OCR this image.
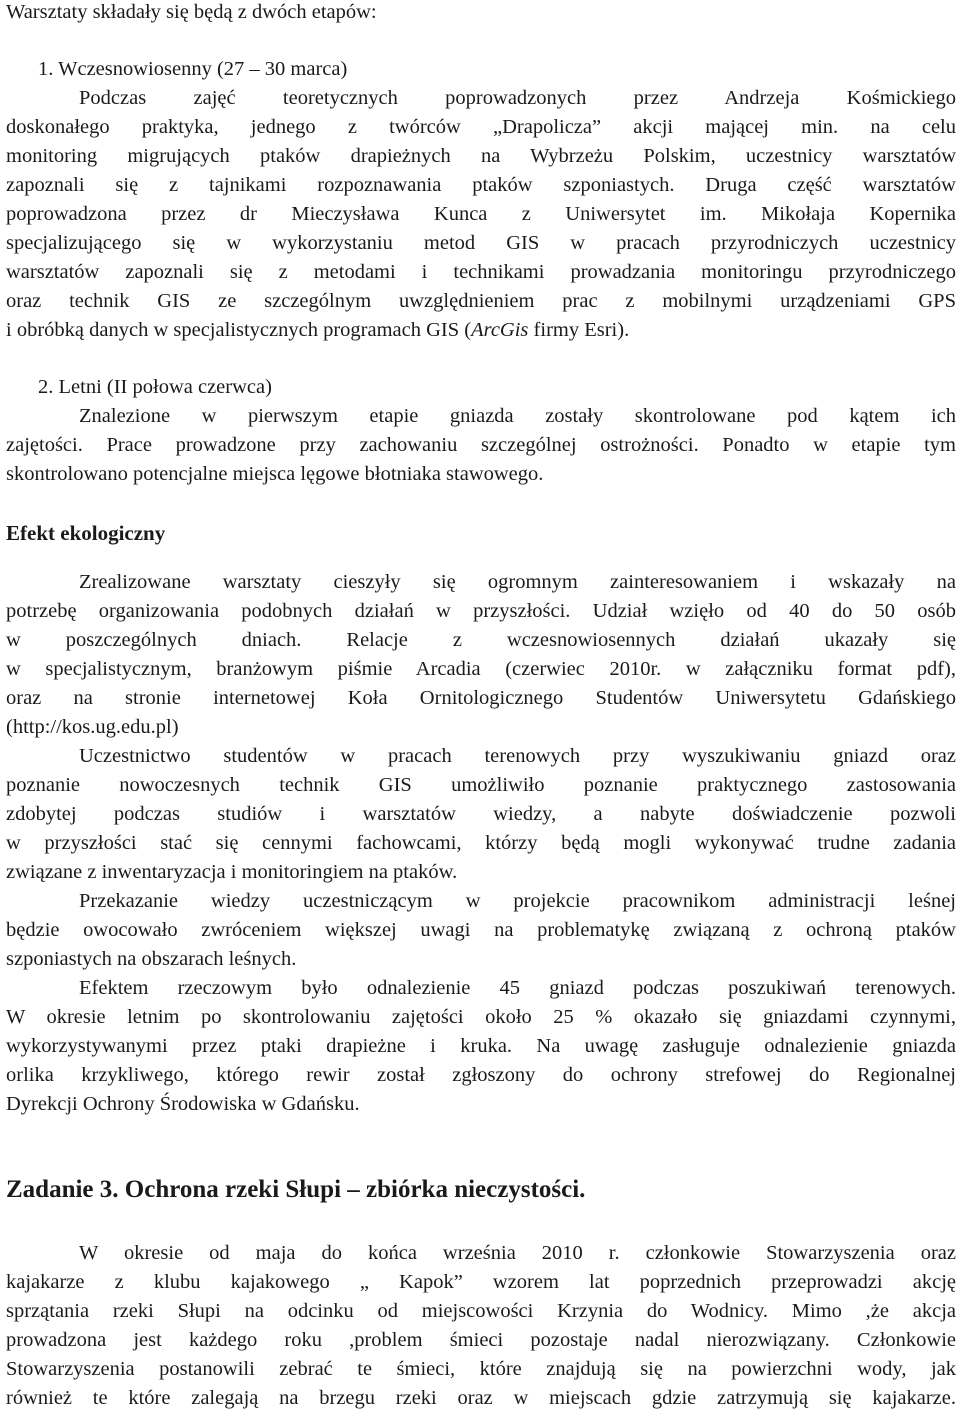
Warsztaty składały się będą z dwóch etapów:
1. Wczesnowiosenny (27 – 30 marca)
Podczas zajęć teoretycznych poprowadzonych przez Andrzeja Kośmickiego
doskonałego praktyka, jednego z twórców „Drapolicza” akcji mającej min. na celu
monitoring migrujących ptaków drapieżnych na Wybrzeżu Polskim, uczestnicy warsztatów
zapoznali się z tajnikami rozpoznawania ptaków szponiastych. Druga część warsztatów
poprowadzona przez dr Mieczysława Kunca z Uniwersytet im. Mikołaja Kopernika
specjalizującego się w wykorzystaniu metod GIS w pracach przyrodniczych uczestnicy
warsztatów zapoznali się z metodami i technikami prowadzania monitoringu przyrodniczego
oraz technik GIS ze szczególnym uwzględnieniem prac z mobilnymi urządzeniami GPS
i obróbką danych w specjalistycznych programach GIS (ArcGis firmy Esri).
2. Letni (II połowa czerwca)
Znalezione w pierwszym etapie gniazda zostały skontrolowane pod kątem ich
zajętości. Prace prowadzone przy zachowaniu szczególnej ostrożności. Ponadto w etapie tym
skontrolowano potencjalne miejsca lęgowe błotniaka stawowego.
Efekt ekologiczny
Zrealizowane warsztaty cieszyły się ogromnym zainteresowaniem i wskazały na
potrzebę organizowania podobnych działań w przyszłości. Udział wzięło od 40 do 50 osób
w poszczególnych dniach. Relacje z wczesnowiosennych działań ukazały się
w specjalistycznym, branżowym piśmie Arcadia (czerwiec 2010r. w załączniku format pdf),
oraz na stronie internetowej Koła Ornitologicznego Studentów Uniwersytetu Gdańskiego
(http://kos.ug.edu.pl)
Uczestnictwo studentów w pracach terenowych przy wyszukiwaniu gniazd oraz
poznanie nowoczesnych technik GIS umożliwiło poznanie praktycznego zastosowania
zdobytej podczas studiów i warsztatów wiedzy, a nabyte doświadczenie pozwoli
w przyszłości stać się cennymi fachowcami, którzy będą mogli wykonywać trudne zadania
związane z inwentaryzacja i monitoringiem na ptaków.
Przekazanie wiedzy uczestniczącym w projekcie pracownikom administracji leśnej
będzie owocowało zwróceniem większej uwagi na problematykę związaną z ochroną ptaków
szponiastych na obszarach leśnych.
Efektem rzeczowym było odnalezienie 45 gniazd podczas poszukiwań terenowych.
W okresie letnim po skontrolowaniu zajętości około 25 % okazało się gniazdami czynnymi,
wykorzystywanymi przez ptaki drapieżne i kruka. Na uwagę zasługuje odnalezienie gniazda
orlika krzykliwego, którego rewir został zgłoszony do ochrony strefowej do Regionalnej
Dyrekcji Ochrony Środowiska w Gdańsku.
Zadanie 3. Ochrona rzeki Słupi – zbiórka nieczystości.
W okresie od maja do końca września 2010 r. członkowie Stowarzyszenia oraz
kajakarze z klubu kajakowego „ Kapok” wzorem lat poprzednich przeprowadzi akcję
sprzątania rzeki Słupi na odcinku od miejscowości Krzynia do Wodnicy. Mimo ,że akcja
prowadzona jest każdego roku ,problem śmieci pozostaje nadal nierozwiązany. Członkowie
Stowarzyszenia postanowili zebrać te śmieci, które znajdują się na powierzchni wody, jak
również te które zalegają na brzegu rzeki oraz w miejscach gdzie zatrzymują się kajakarze.
